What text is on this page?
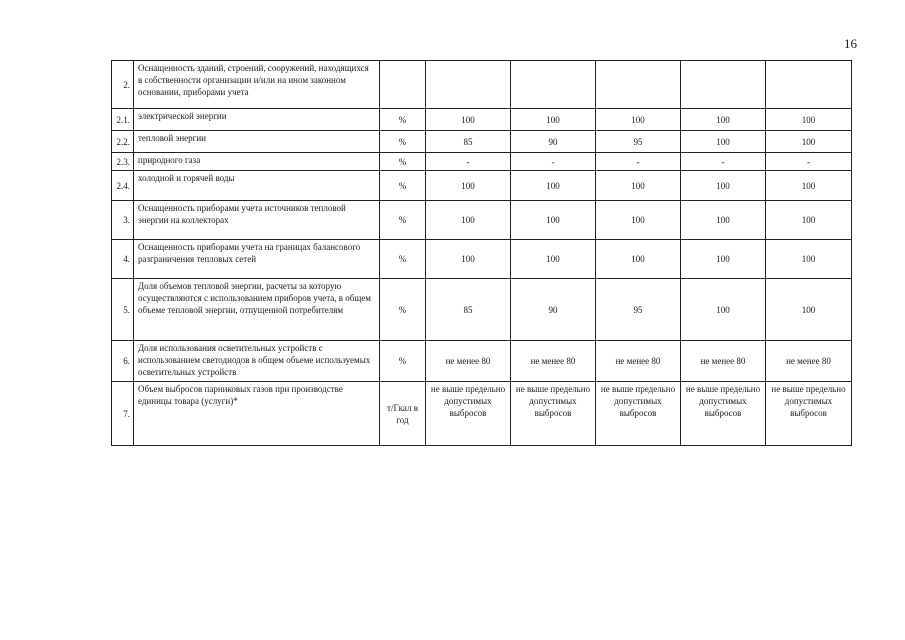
16
2.	Оснащенность зданий, строений, сооружений, находящихся в собственности организации и/или на ином законном основании, приборами учета						
2.1.	электрической энергии	%	100	100	100	100	100
2.2.	тепловой энергии	%	85	90	95	100	100
2.3.	природного газа	%	-	-	-	-	-
2.4.	холодной и горячей воды	%	100	100	100	100	100
3.	Оснащенность приборами учета источников тепловой энергии на коллекторах	%	100	100	100	100	100
4.	Оснащенность приборами учета на границах балансового разграничения тепловых сетей	%	100	100	100	100	100
5.	Доля объемов тепловой энергии, расчеты за которую осуществляются с использованием приборов учета, в общем объеме тепловой энергии, отпущенной потребителям	%	85	90	95	100	100
6.	Доля использования осветительных устройств с использованием светодиодов в общем объеме используемых осветительных устройств	%	не менее 80	не менее 80	не менее 80	не менее 80	не менее 80
7.	Объем выбросов парниковых газов при производстве единицы товара (услуги)*	т/Гкал в год	не выше предельно допустимых выбросов	не выше предельно допустимых выбросов	не выше предельно допустимых выбросов	не выше предельно допустимых выбросов	не выше предельно допустимых выбросов
